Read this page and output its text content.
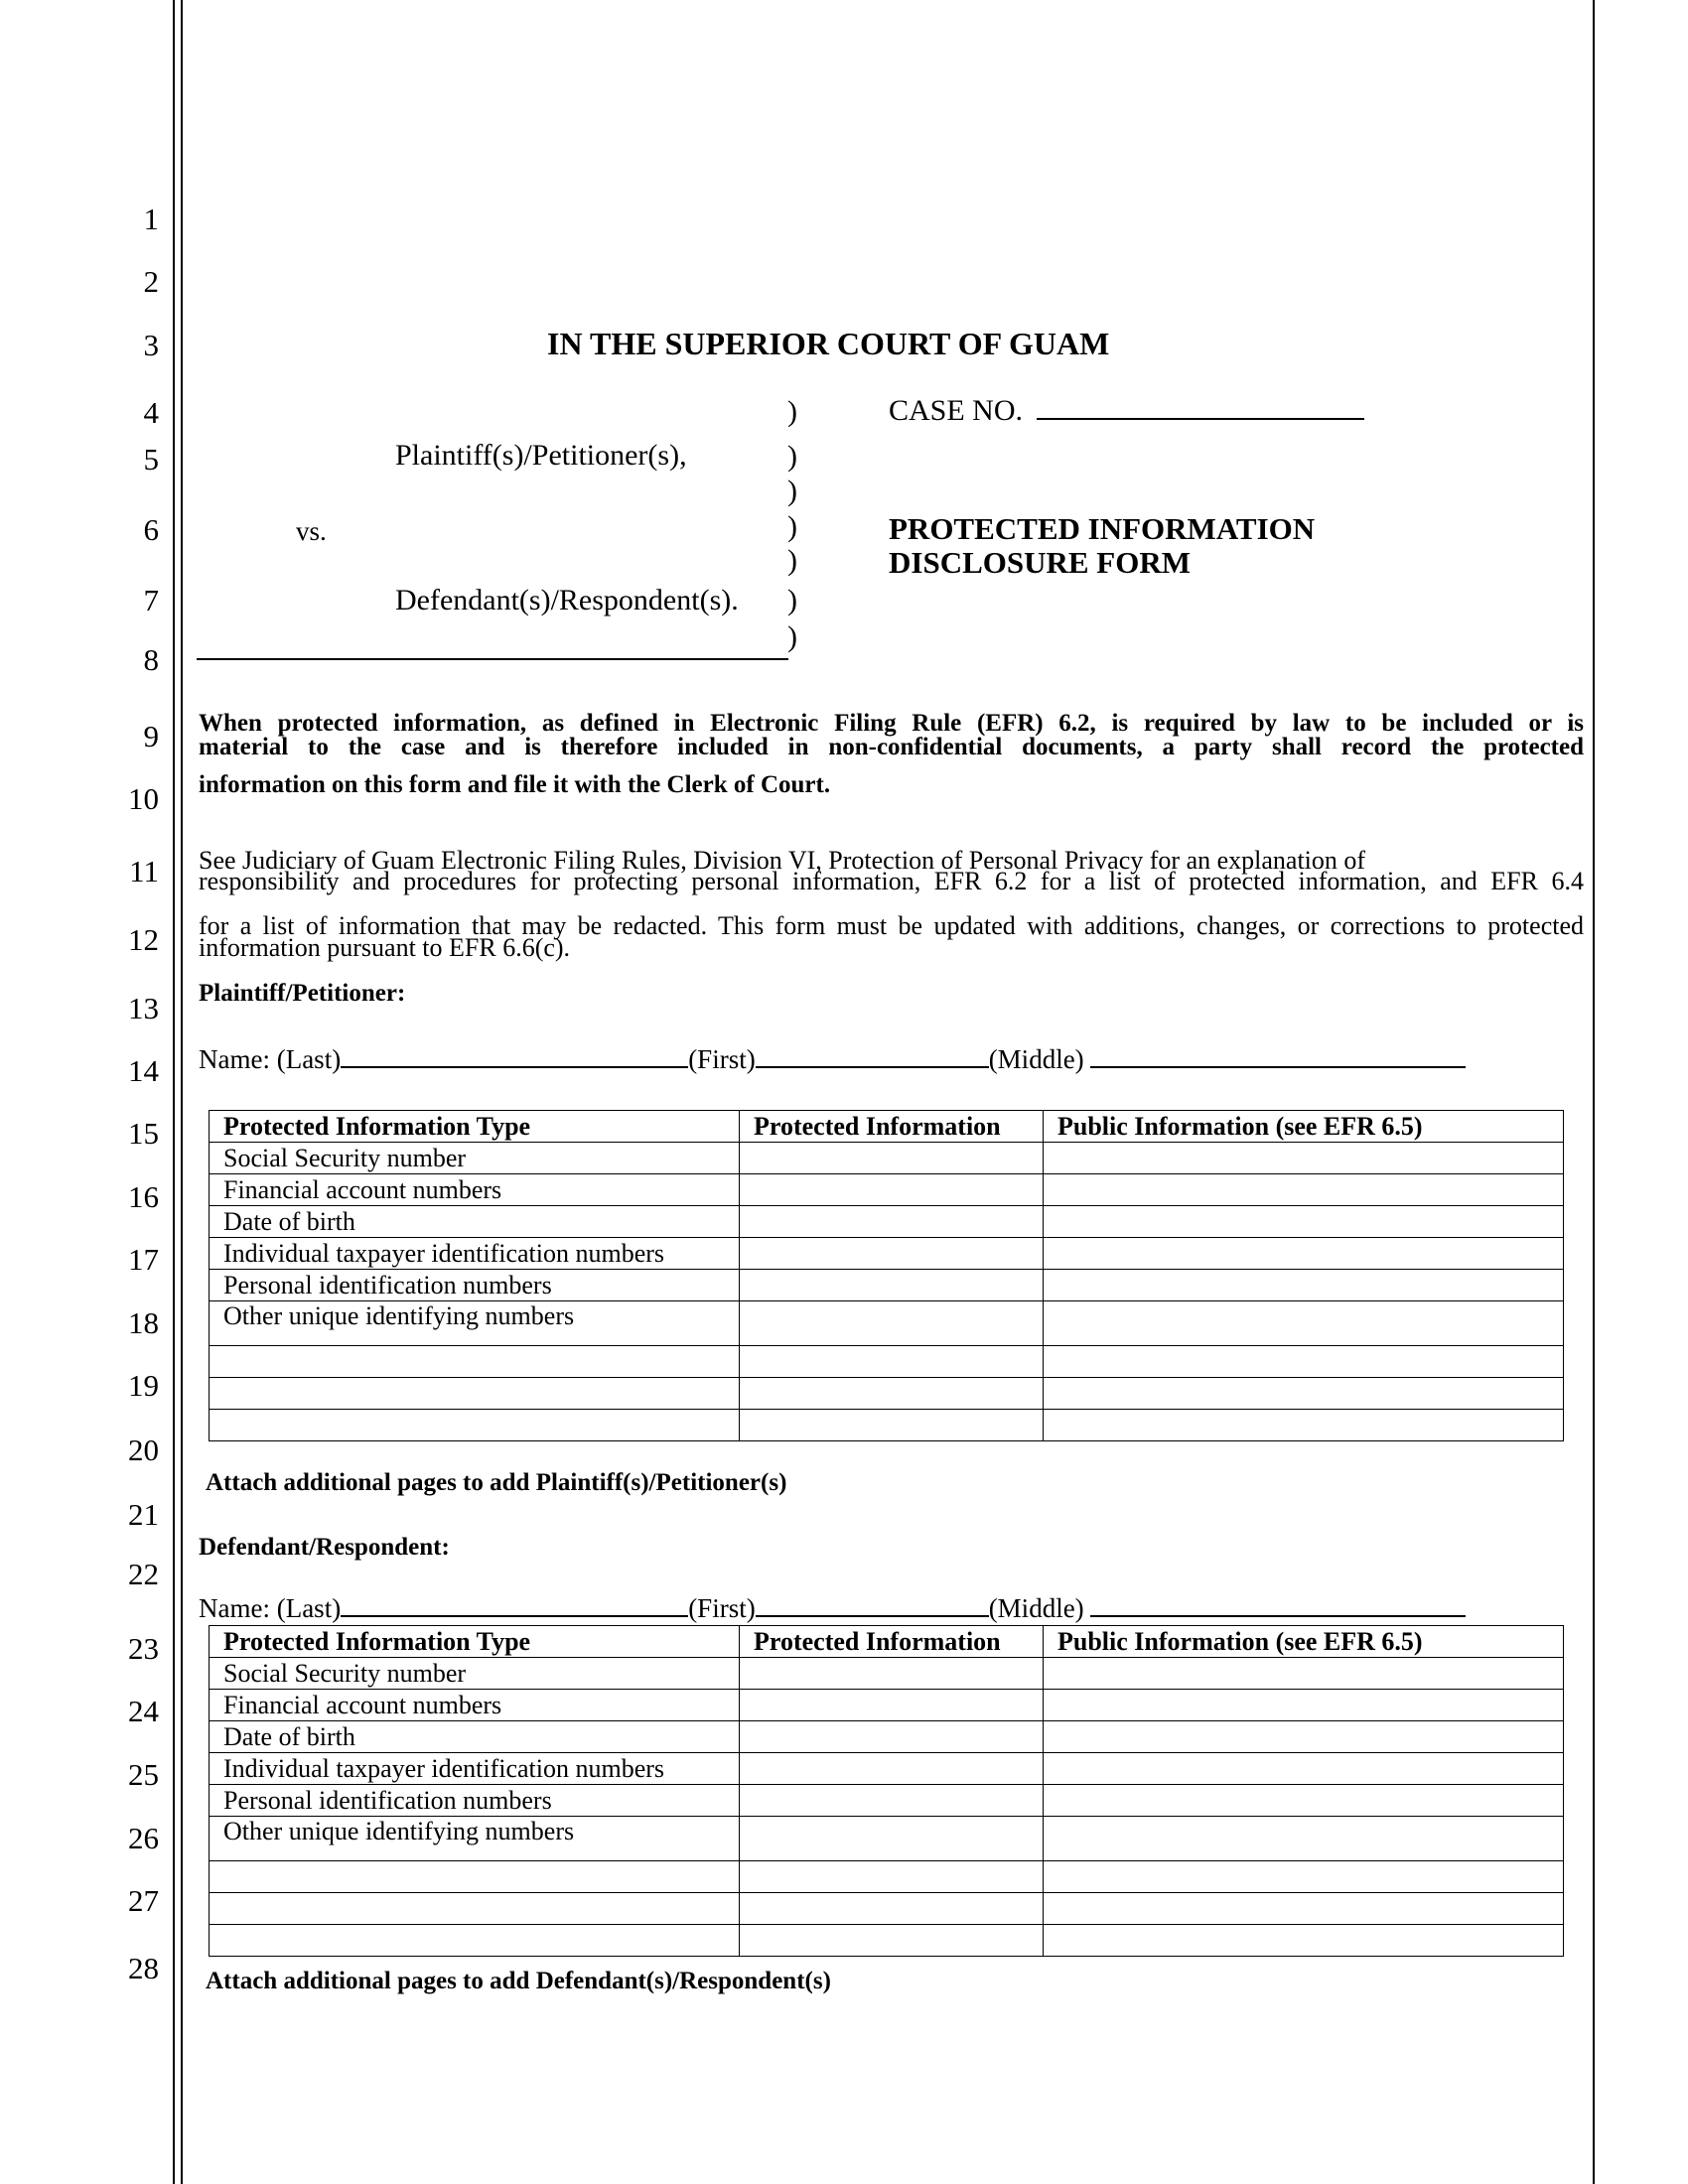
1
2
3
4
5
6
7
8
9
10
11
12
13
14
15
16
17
18
19
20
21
22
23
24
25
26
27
28
IN THE SUPERIOR COURT OF GUAM
)	CASE NO.
Plaintiff(s)/Petitioner(s),	)
)
vs.	)
)
PROTECTED INFORMATION
DISCLOSURE FORM
Defendant(s)/Respondent(s). )
)
When protected information, as defined in Electronic Filing Rule (EFR) 6.2, is required by law to be included or is
material to the case and is therefore included in non-confidential documents, a party shall record the protected
information on this form and file it with the Clerk of Court.
See Judiciary of Guam Electronic Filing Rules, Division VI, Protection of Personal Privacy for an explanation of
responsibility and procedures for protecting personal information, EFR 6.2 for a list of protected information, and EFR 6.4
for a list of information that may be redacted. This form must be updated with additions, changes, or corrections to protected
information pursuant to EFR 6.6(c).
Plaintiff/Petitioner:
Name: (Last)	(First)	(Middle)
Protected Information Type	Protected Information	Public Information (see EFR 6.5)
Social Security number		
Financial account numbers		
Date of birth		
Individual taxpayer identification numbers		
Personal identification numbers		
Other unique identifying numbers		

Attach additional pages to add Plaintiff(s)/Petitioner(s)
Defendant/Respondent:
Name: (Last)	(First)	(Middle)
Protected Information Type	Protected Information	Public Information (see EFR 6.5)
Social Security number		
Financial account numbers		
Date of birth		
Individual taxpayer identification numbers		
Personal identification numbers		
Other unique identifying numbers		

Attach additional pages to add Defendant(s)/Respondent(s)
